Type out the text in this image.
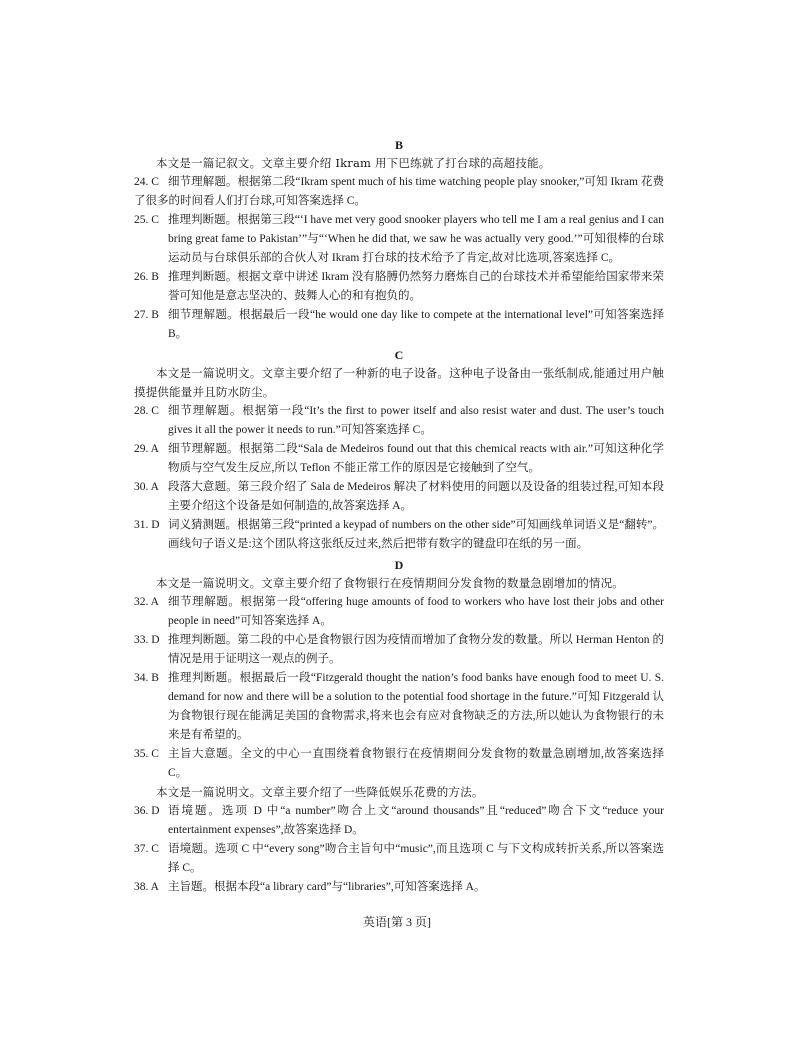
英语[第 3 页]
B
本文是一篇记叙文。文章主要介绍 Ikram 用下巴练就了打台球的高超技能。
24. C 细节理解题。根据第二段“Ikram spent much of his time watching people play snooker,”可知 Ikram 花费了很多的时间看人们打台球,可知答案选择 C。
25. C 推理判断题。根据第三段“‘I have met very good snooker players who tell me I am a real genius and I can bring great fame to Pakistan’”与“‘When he did that, we saw he was actually very good.’”可知很棒的台球运动员与台球俱乐部的合伙人对 Ikram 打台球的技术给予了肯定,故对比选项,答案选择 C。
26. B 推理判断题。根据文章中讲述 Ikram 没有胳膊仍然努力磨炼自己的台球技术并希望能给国家带来荣誉可知他是意志坚决的、鼓舞人心的和有抱负的。
27. B 细节理解题。根据最后一段“he would one day like to compete at the international level”可知答案选择 B。
C
本文是一篇说明文。文章主要介绍了一种新的电子设备。这种电子设备由一张纸制成,能通过用户触摸提供能量并且防水防尘。
28. C 细节理解题。根据第一段“It’s the first to power itself and also resist water and dust. The user’s touch gives it all the power it needs to run.”可知答案选择 C。
29. A 细节理解题。根据第二段“Sala de Medeiros found out that this chemical reacts with air.”可知这种化学物质与空气发生反应,所以 Teflon 不能正常工作的原因是它接触到了空气。
30. A 段落大意题。第三段介绍了 Sala de Medeiros 解决了材料使用的问题以及设备的组装过程,可知本段主要介绍这个设备是如何制造的,故答案选择 A。
31. D 词义猜测题。根据第三段“printed a keypad of numbers on the other side”可知画线单词语义是“翻转”。画线句子语义是:这个团队将这张纸反过来,然后把带有数字的键盘印在纸的另一面。
D
本文是一篇说明文。文章主要介绍了食物银行在疫情期间分发食物的数量急剧增加的情况。
32. A 细节理解题。根据第一段“offering huge amounts of food to workers who have lost their jobs and other people in need”可知答案选择 A。
33. D 推理判断题。第二段的中心是食物银行因为疫情而增加了食物分发的数量。所以 Herman Henton 的情况是用于证明这一观点的例子。
34. B 推理判断题。根据最后一段“Fitzgerald thought the nation’s food banks have enough food to meet U. S. demand for now and there will be a solution to the potential food shortage in the future.”可知 Fitzgerald 认为食物银行现在能满足美国的食物需求,将来也会有应对食物缺乏的方法,所以她认为食物银行的未来是有希望的。
35. C 主旨大意题。全文的中心一直围绕着食物银行在疫情期间分发食物的数量急剧增加,故答案选择 C。
本文是一篇说明文。文章主要介绍了一些降低娱乐花费的方法。
36. D 语境题。选项 D 中“a number”吻合上文“around thousands”且“reduced”吻合下文“reduce your entertainment expenses”,故答案选择 D。
37. C 语境题。选项 C 中“every song”吻合主旨句中“music”,而且选项 C 与下文构成转折关系,所以答案选择 C。
38. A 主旨题。根据本段“a library card”与“libraries”,可知答案选择 A。
